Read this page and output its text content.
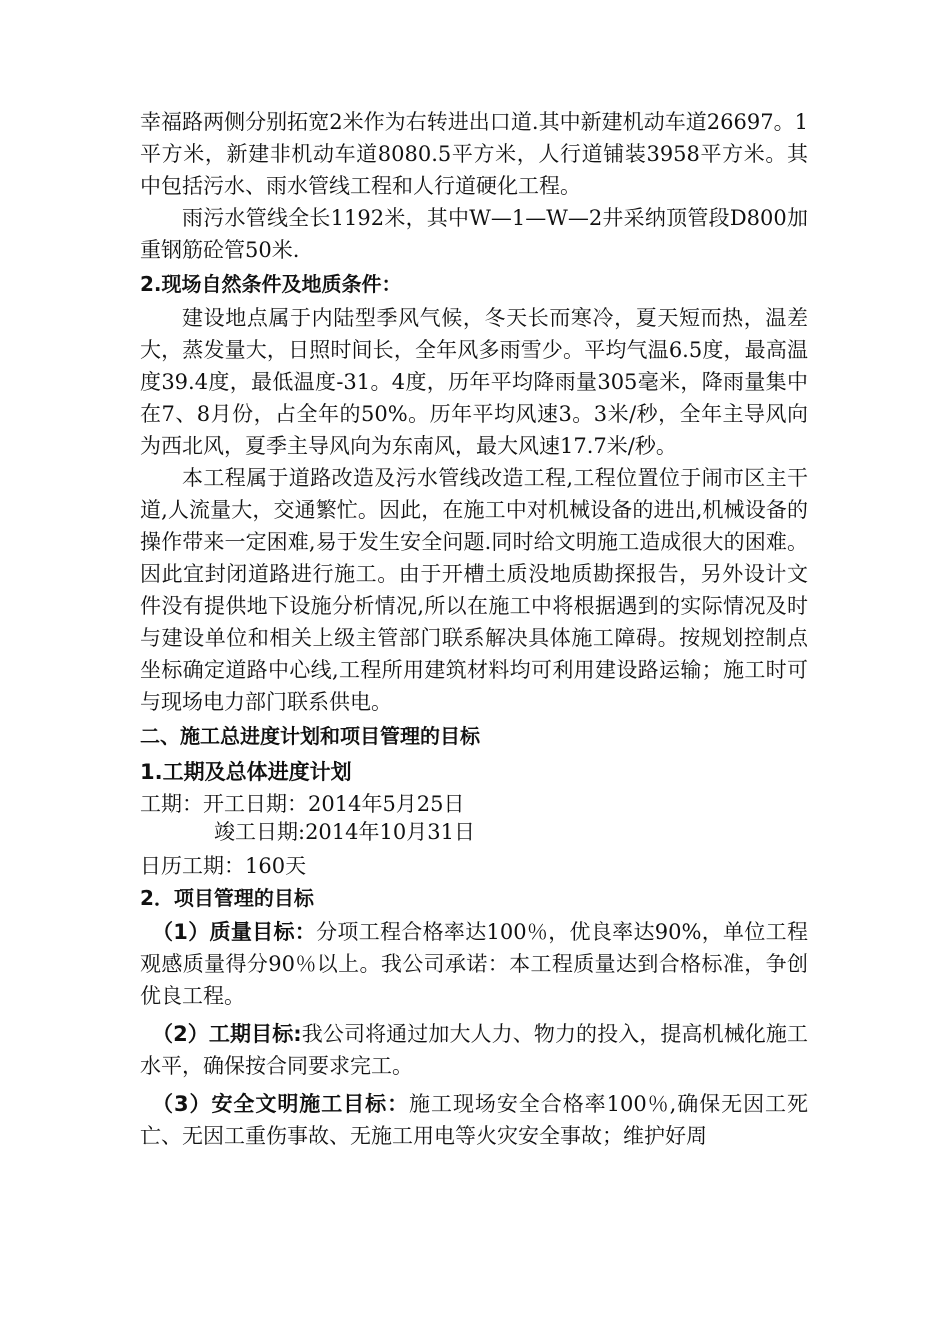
幸福路两侧分别拓宽2米作为右转进出口道.其中新建机动车道26697。1平方米，新建非机动车道8080.5平方米，人行道铺装3958平方米。其中包括污水、雨水管线工程和人行道硬化工程。

雨污水管线全长1192米，其中W—1—W—2井采纳顶管段D800加重钢筋砼管50米.

2.现场自然条件及地质条件：

建设地点属于内陆型季风气候，冬天长而寒冷，夏天短而热，温差大，蒸发量大，日照时间长，全年风多雨雪少。平均气温6.5度，最高温度39.4度，最低温度-31。4度，历年平均降雨量305毫米，降雨量集中在7、8月份，占全年的50%。历年平均风速3。3米/秒，全年主导风向为西北风，夏季主导风向为东南风，最大风速17.7米/秒。

本工程属于道路改造及污水管线改造工程,工程位置位于闹市区主干道,人流量大，交通繁忙。因此，在施工中对机械设备的进出,机械设备的操作带来一定困难,易于发生安全问题.同时给文明施工造成很大的困难。因此宜封闭道路进行施工。由于开槽土质没地质勘探报告，另外设计文件没有提供地下设施分析情况,所以在施工中将根据遇到的实际情况及时与建设单位和相关上级主管部门联系解决具体施工障碍。按规划控制点坐标确定道路中心线,工程所用建筑材料均可利用建设路运输；施工时可与现场电力部门联系供电。

二、施工总进度计划和项目管理的目标

1.工期及总体进度计划

工期：开工日期：2014年5月25日

竣工日期:2014年10月31日

日历工期：160天

2．项目管理的目标

（1）质量目标：分项工程合格率达100％，优良率达90%，单位工程观感质量得分90％以上。我公司承诺：本工程质量达到合格标准，争创优良工程。

（2）工期目标:我公司将通过加大人力、物力的投入，提高机械化施工水平，确保按合同要求完工。

（3）安全文明施工目标：施工现场安全合格率100％,确保无因工死亡、无因工重伤事故、无施工用电等火灾安全事故；维护好周
